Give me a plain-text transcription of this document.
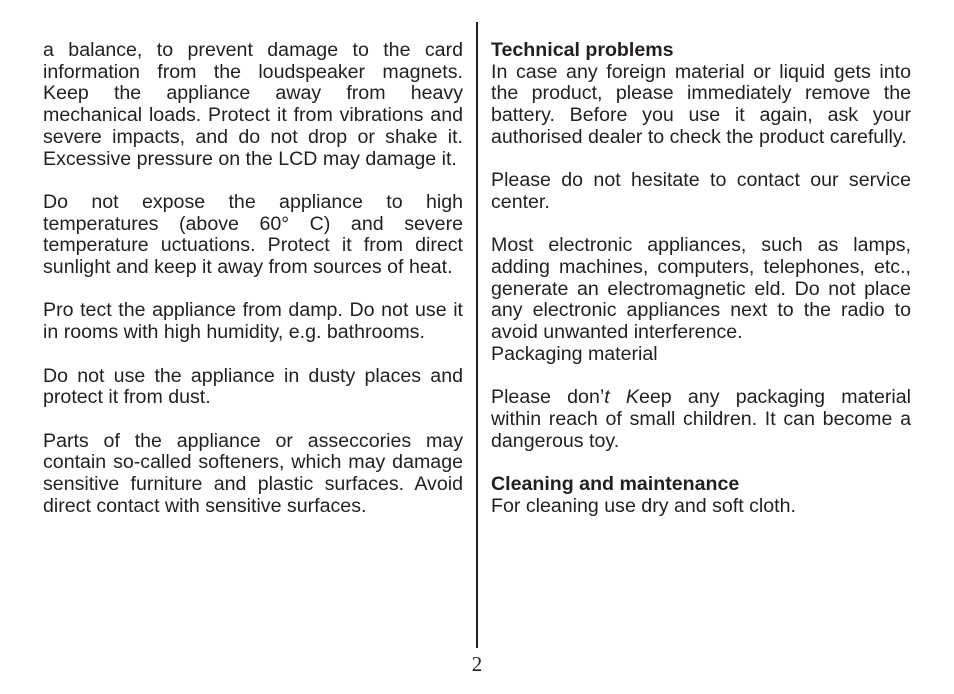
a balance, to prevent damage to the card information from the loudspeaker magnets. Keep the appliance away from heavy mechanical loads. Protect it from vibrations and severe impacts, and do not drop or shake it. Excessive pressure on the LCD may damage it.

Do not expose the appliance to high temperatures (above 60° C) and severe temperature uctuations. Protect it from direct sunlight and keep it away from sources of heat.

Pro tect the appliance from damp. Do not use it in rooms with high humidity, e.g. bathrooms.

Do not use the appliance in dusty places and protect it from dust.

Parts of the appliance or asseccories may contain so-called softeners, which may damage sensitive furniture and plastic surfaces. Avoid direct contact with sensitive surfaces.

Technical problems
In case any foreign material or liquid gets into the product, please immediately remove the battery. Before you use it again, ask your authorised dealer to check the product carefully.

Please do not hesitate to contact our service center.

Most electronic appliances, such as lamps, adding machines, computers, telephones, etc., generate an electromagnetic eld. Do not place any electronic appliances next to the radio to avoid unwanted interference.

Packaging material

Please don’t Keep any packaging material within reach of small children. It can become a dangerous toy.

Cleaning and maintenance
For cleaning use dry and soft cloth.

2
